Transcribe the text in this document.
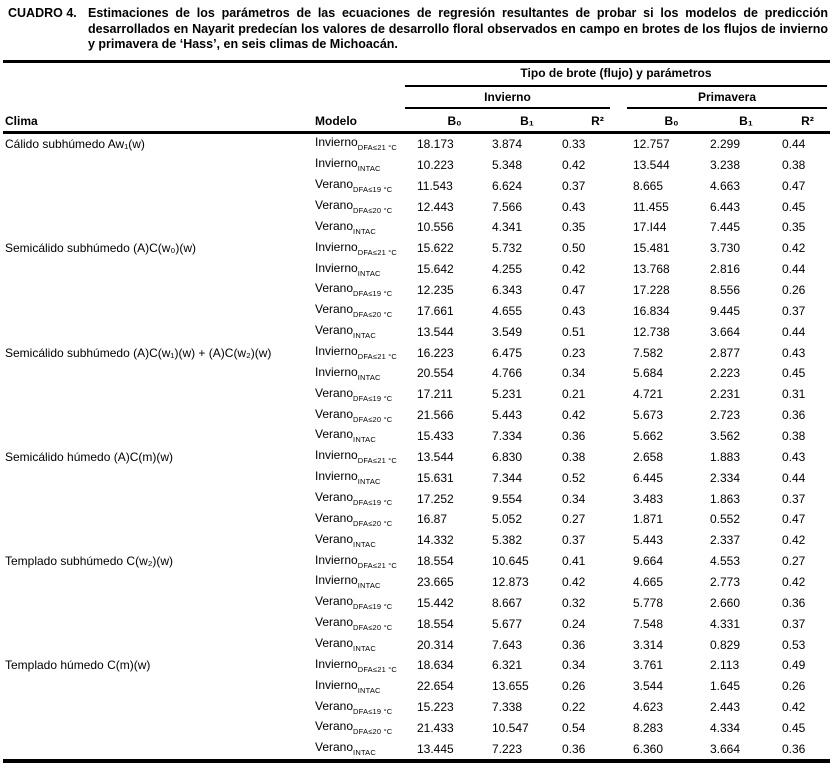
CUADRO 4. Estimaciones de los parámetros de las ecuaciones de regresión resultantes de probar si los modelos de predicción desarrollados en Nayarit predecían los valores de desarrollo floral observados en campo en brotes de los flujos de invierno y primavera de ‘Hass’, en seis climas de Michoacán.
Tipo de brote (flujo) y parámetros
Invierno	Primavera
Clima	Modelo	B₀	B₁	R²	B₀	B₁	R²
Cálido subhúmedo Aw₁(w)	Invierno$_{DFA\le 21 ^\circ C}$	18.173	3.874	0.33	12.757	2.299	0.44
Invierno$_{INTAC}$	10.223	5.348	0.42	13.544	3.238	0.38
Verano$_{DFA\le 19 ^\circ C}$	11.543	6.624	0.37	8.665	4.663	0.47
Verano$_{DFA\le 20 ^\circ C}$	12.443	7.566	0.43	11.455	6.443	0.45
Verano$_{INTAC}$	10.556	4.341	0.35	17.I44	7.445	0.35
Semicálido subhúmedo (A)C(w₀)(w)	Invierno$_{DFA\le 21 ^\circ C}$	15.622	5.732	0.50	15.481	3.730	0.42
Invierno$_{INTAC}$	15.642	4.255	0.42	13.768	2.816	0.44
Verano$_{DFA\le 19 ^\circ C}$	12.235	6.343	0.47	17.228	8.556	0.26
Verano$_{DFA\le 20 ^\circ C}$	17.661	4.655	0.43	16.834	9.445	0.37
Verano$_{INTAC}$	13.544	3.549	0.51	12.738	3.664	0.44
Semicálido subhúmedo (A)C(w₁)(w) + (A)C(w₂)(w)	Invierno$_{DFA\le 21 ^\circ C}$	16.223	6.475	0.23	7.582	2.877	0.43
Invierno$_{INTAC}$	20.554	4.766	0.34	5.684	2.223	0.45
Verano$_{DFA\le 19 ^\circ C}$	17.211	5.231	0.21	4.721	2.231	0.31
Verano$_{DFA\le 20 ^\circ C}$	21.566	5.443	0.42	5.673	2.723	0.36
Verano$_{INTAC}$	15.433	7.334	0.36	5.662	3.562	0.38
Semicálido húmedo (A)C(m)(w)	Invierno$_{DFA\le 21 ^\circ C}$	13.544	6.830	0.38	2.658	1.883	0.43
Invierno$_{INTAC}$	15.631	7.344	0.52	6.445	2.334	0.44
Verano$_{DFA\le 19 ^\circ C}$	17.252	9.554	0.34	3.483	1.863	0.37
Verano$_{DFA\le 20 ^\circ C}$	16.87	5.052	0.27	1.871	0.552	0.47
Verano$_{INTAC}$	14.332	5.382	0.37	5.443	2.337	0.42
Templado subhúmedo C(w₂)(w)	Invierno$_{DFA\le 21 ^\circ C}$	18.554	10.645	0.41	9.664	4.553	0.27
Invierno$_{INTAC}$	23.665	12.873	0.42	4.665	2.773	0.42
Verano$_{DFA\le 19 ^\circ C}$	15.442	8.667	0.32	5.778	2.660	0.36
Verano$_{DFA\le 20 ^\circ C}$	18.554	5.677	0.24	7.548	4.331	0.37
Verano$_{INTAC}$	20.314	7.643	0.36	3.314	0.829	0.53
Templado húmedo C(m)(w)	Invierno$_{DFA\le 21 ^\circ C}$	18.634	6.321	0.34	3.761	2.113	0.49
Invierno$_{INTAC}$	22.654	13.655	0.26	3.544	1.645	0.26
Verano$_{DFA\le 19 ^\circ C}$	15.223	7.338	0.22	4.623	2.443	0.42
Verano$_{DFA\le 20 ^\circ C}$	21.433	10.547	0.54	8.283	4.334	0.45
Verano$_{INTAC}$	13.445	7.223	0.36	6.360	3.664	0.36
